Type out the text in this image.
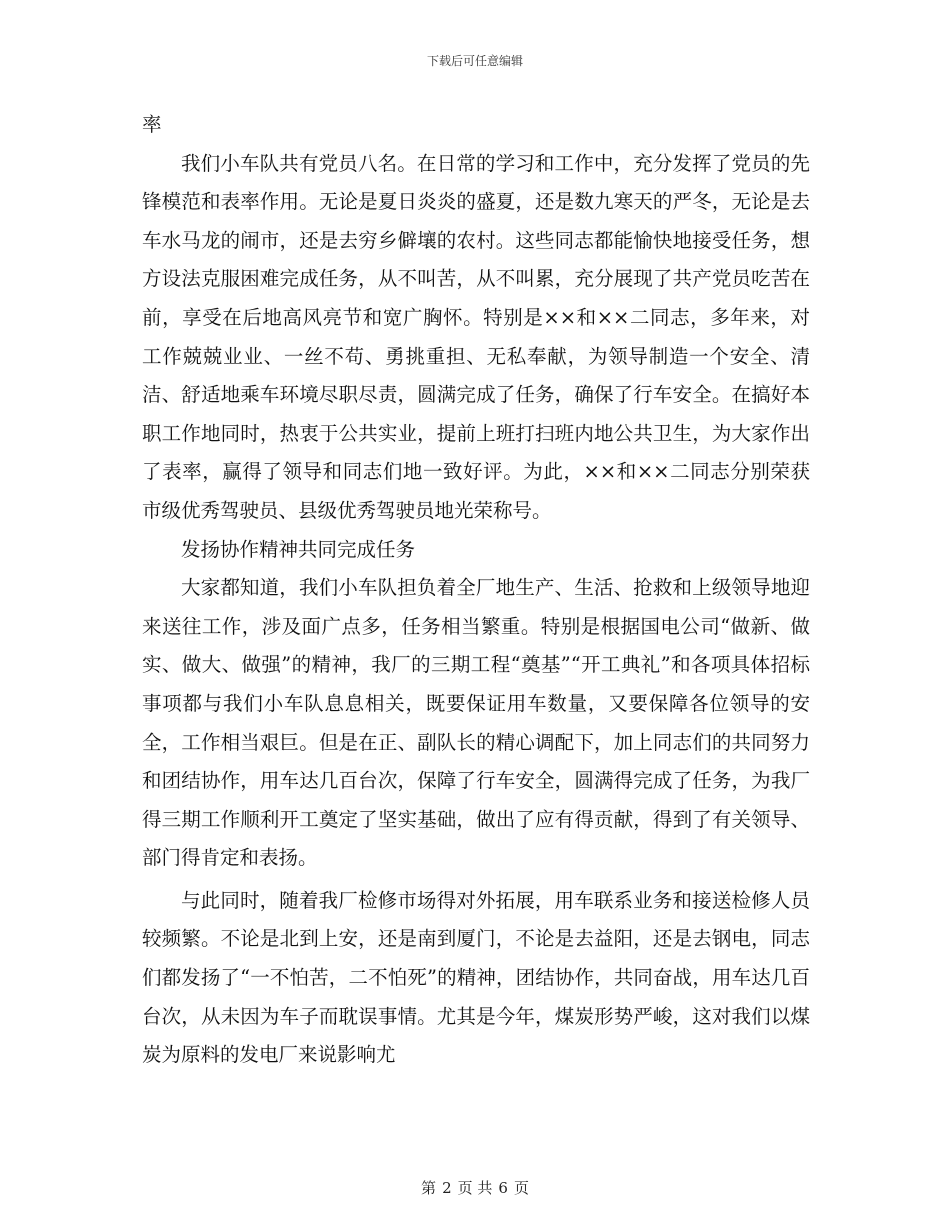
下载后可任意编辑

率

我们小车队共有党员八名。在日常的学习和工作中，充分发挥了党员的先锋模范和表率作用。无论是夏日炎炎的盛夏，还是数九寒天的严冬，无论是去车水马龙的闹市，还是去穷乡僻壤的农村。这些同志都能愉快地接受任务，想方设法克服困难完成任务，从不叫苦，从不叫累，充分展现了共产党员吃苦在前，享受在后地高风亮节和宽广胸怀。特别是××和××二同志，多年来，对工作兢兢业业、一丝不苟、勇挑重担、无私奉献，为领导制造一个安全、清洁、舒适地乘车环境尽职尽责，圆满完成了任务，确保了行车安全。在搞好本职工作地同时，热衷于公共实业，提前上班打扫班内地公共卫生，为大家作出了表率，赢得了领导和同志们地一致好评。为此，××和××二同志分别荣获市级优秀驾驶员、县级优秀驾驶员地光荣称号。

发扬协作精神共同完成任务

大家都知道，我们小车队担负着全厂地生产、生活、抢救和上级领导地迎来送往工作，涉及面广点多，任务相当繁重。特别是根据国电公司“做新、做实、做大、做强”的精神，我厂的三期工程“奠基”“开工典礼”和各项具体招标事项都与我们小车队息息相关，既要保证用车数量，又要保障各位领导的安全，工作相当艰巨。但是在正、副队长的精心调配下，加上同志们的共同努力和团结协作，用车达几百台次，保障了行车安全，圆满得完成了任务，为我厂得三期工作顺利开工奠定了坚实基础，做出了应有得贡献，得到了有关领导、部门得肯定和表扬。

与此同时，随着我厂检修市场得对外拓展，用车联系业务和接送检修人员较频繁。不论是北到上安，还是南到厦门，不论是去益阳，还是去钢电，同志们都发扬了“一不怕苦，二不怕死”的精神，团结协作，共同奋战，用车达几百台次，从未因为车子而耽误事情。尤其是今年，煤炭形势严峻，这对我们以煤炭为原料的发电厂来说影响尤

第 2 页 共 6 页
